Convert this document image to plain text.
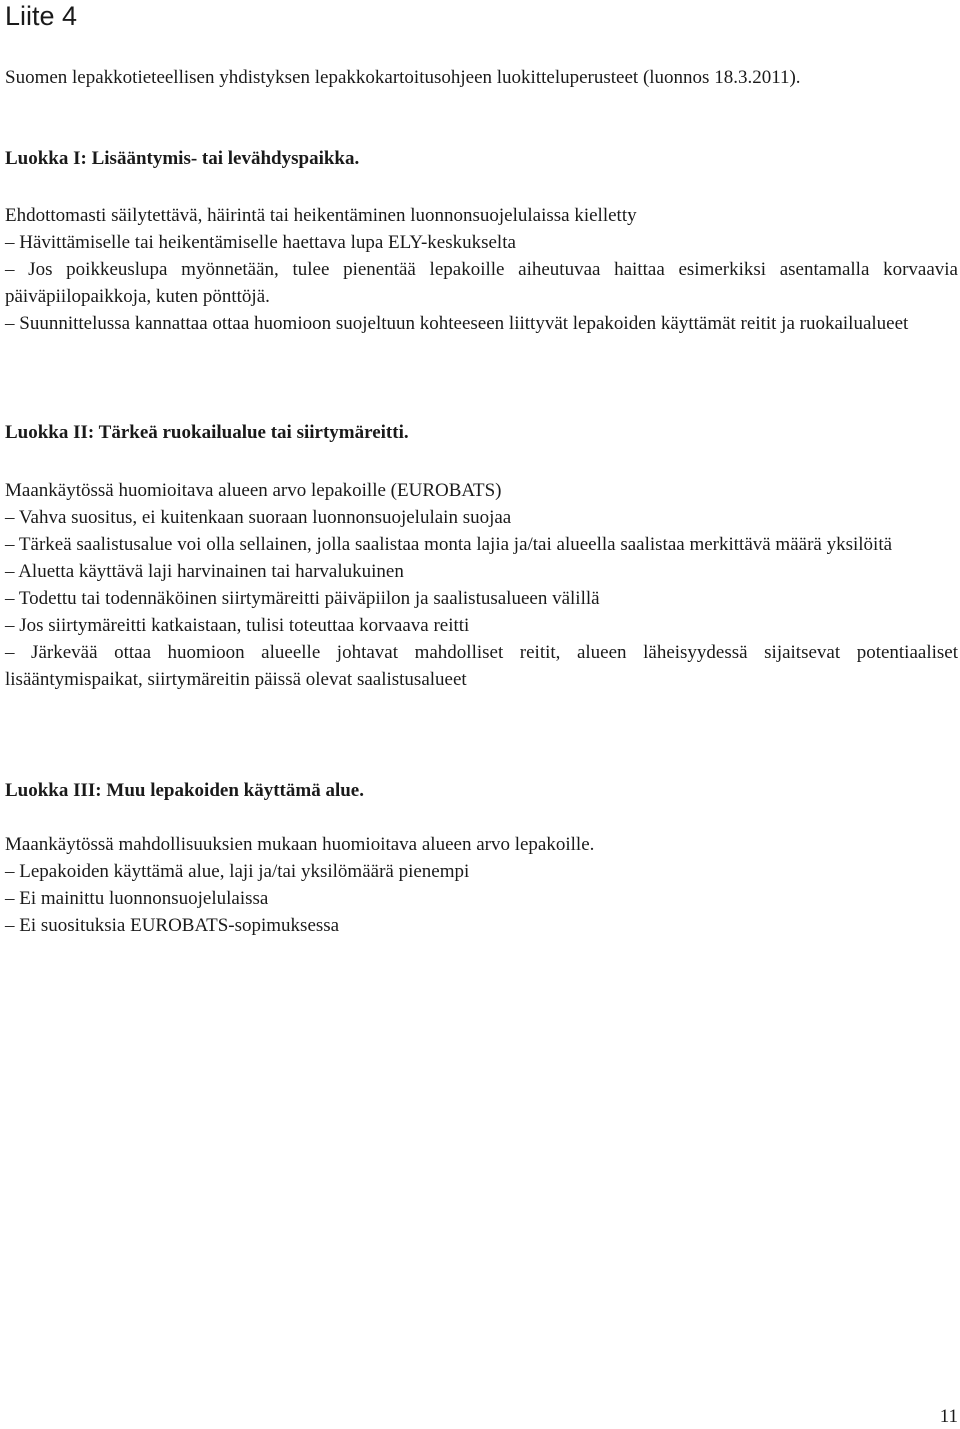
Liite 4

Suomen lepakkotieteellisen yhdistyksen lepakkokartoitusohjeen luokitteluperusteet (luonnos 18.3.2011).

Luokka I: Lisääntymis- tai levähdyspaikka.

Ehdottomasti säilytettävä, häirintä tai heikentäminen luonnonsuojelulaissa kielletty

– Hävittämiselle tai heikentämiselle haettava lupa ELY-keskukselta

– Jos poikkeuslupa myönnetään, tulee pienentää lepakoille aiheutuvaa haittaa esimerkiksi asentamalla korvaavia päiväpiilopaikkoja, kuten pönttöjä.

– Suunnittelussa kannattaa ottaa huomioon suojeltuun kohteeseen liittyvät lepakoiden käyttämät reitit ja ruokailualueet

Luokka II: Tärkeä ruokailualue tai siirtymäreitti.

Maankäytössä huomioitava alueen arvo lepakoille (EUROBATS)

– Vahva suositus, ei kuitenkaan suoraan luonnonsuojelulain suojaa

– Tärkeä saalistusalue voi olla sellainen, jolla saalistaa monta lajia ja/tai alueella saalistaa merkittävä määrä yksilöitä

– Aluetta käyttävä laji harvinainen tai harvalukuinen

– Todettu tai todennäköinen siirtymäreitti päiväpiilon ja saalistusalueen välillä

– Jos siirtymäreitti katkaistaan, tulisi toteuttaa korvaava reitti

– Järkevää ottaa huomioon alueelle johtavat mahdolliset reitit, alueen läheisyydessä sijaitsevat potentiaaliset lisääntymispaikat, siirtymäreitin päissä olevat saalistusalueet

Luokka III: Muu lepakoiden käyttämä alue.

Maankäytössä mahdollisuuksien mukaan huomioitava alueen arvo lepakoille.

– Lepakoiden käyttämä alue, laji ja/tai yksilömäärä pienempi

– Ei mainittu luonnonsuojelulaissa

– Ei suosituksia EUROBATS-sopimuksessa

11
